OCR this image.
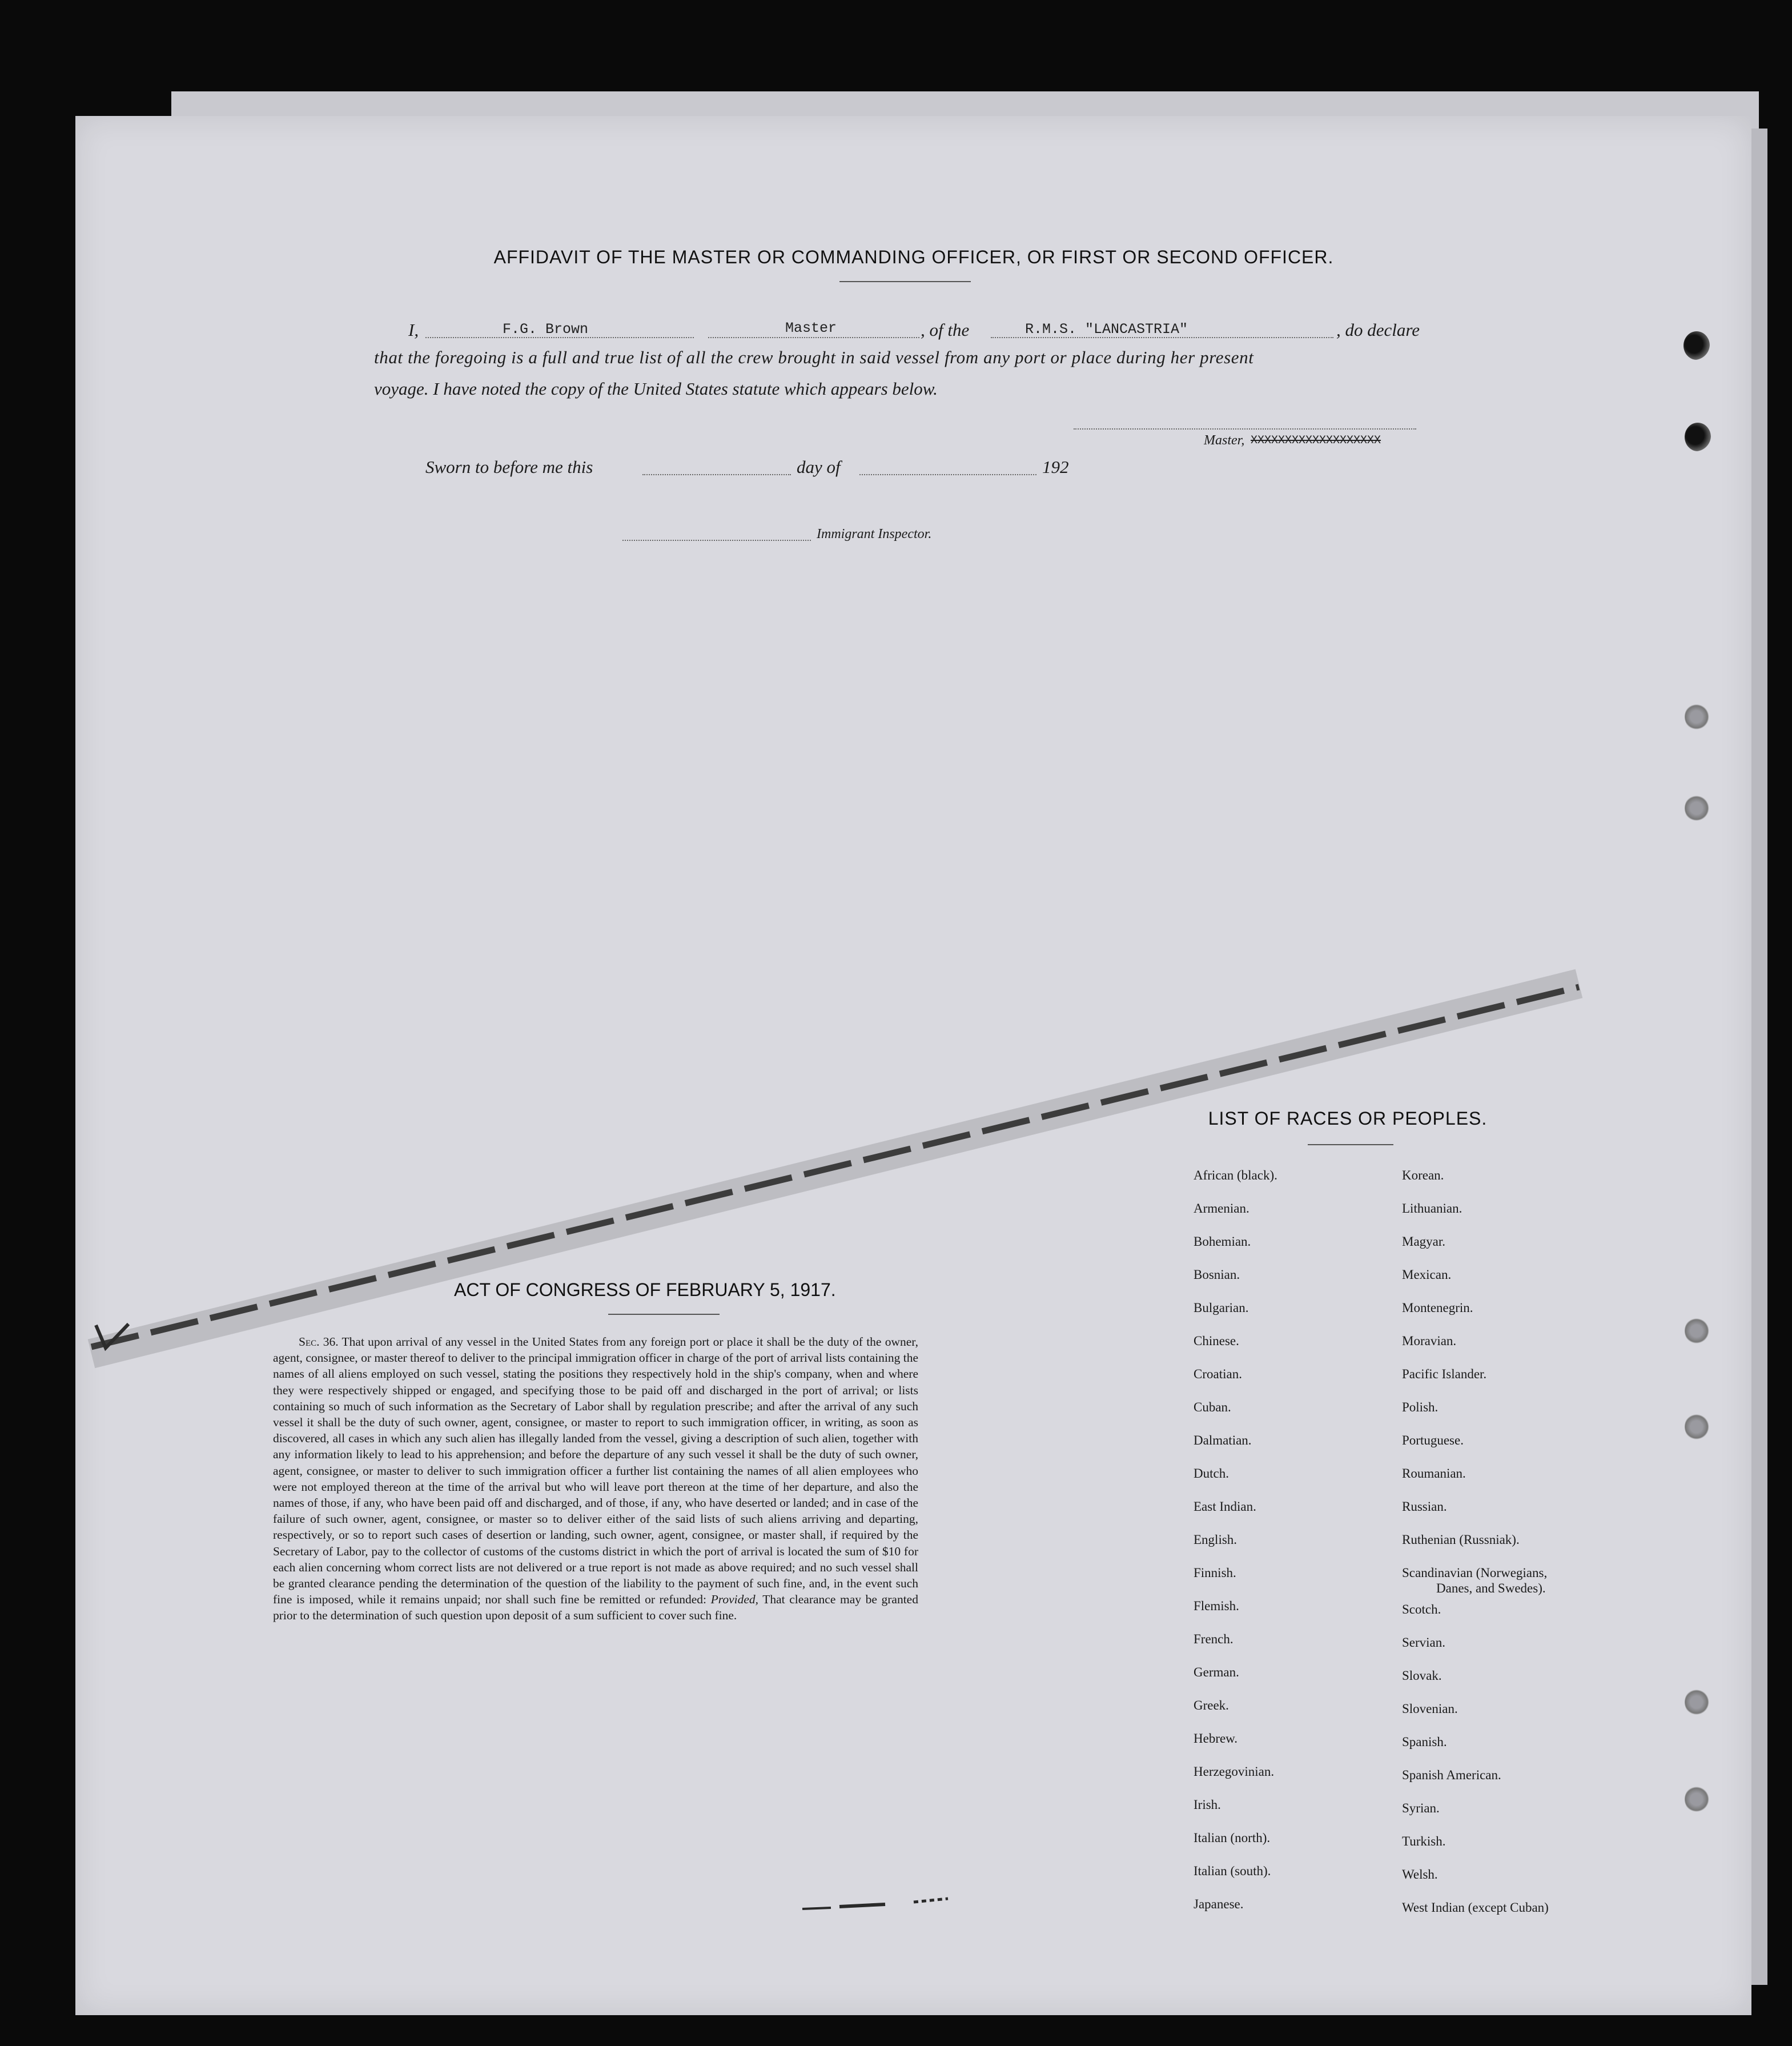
AFFIDAVIT OF THE MASTER OR COMMANDING OFFICER, OR FIRST OR SECOND OFFICER.
I,	F.G. Brown	Master	, of the	R.M.S. "LANCASTRIA"	, do declare
that the foregoing is a full and true list of all the crew brought in said vessel from any port or place during her present
voyage. I have noted the copy of the United States statute which appears below.
Master, XXXXXXXXXXXXXXXXXXX
Sworn to before me this	day of	192
Immigrant Inspector.
ACT OF CONGRESS OF FEBRUARY 5, 1917.
Sec. 36. That upon arrival of any vessel in the United States from any foreign port or place it shall be the duty of the owner, agent, consignee, or master thereof to deliver to the principal immigration officer in charge of the port of arrival lists containing the names of all aliens employed on such vessel, stating the positions they respectively hold in the ship's company, when and where they were respectively shipped or engaged, and specifying those to be paid off and discharged in the port of arrival; or lists containing so much of such information as the Secretary of Labor shall by regulation prescribe; and after the arrival of any such vessel it shall be the duty of such owner, agent, consignee, or master to report to such immigration officer, in writing, as soon as discovered, all cases in which any such alien has illegally landed from the vessel, giving a description of such alien, together with any information likely to lead to his apprehension; and before the departure of any such vessel it shall be the duty of such owner, agent, consignee, or master to deliver to such immigration officer a further list containing the names of all alien employees who were not employed thereon at the time of the arrival but who will leave port thereon at the time of her departure, and also the names of those, if any, who have been paid off and discharged, and of those, if any, who have deserted or landed; and in case of the failure of such owner, agent, consignee, or master so to deliver either of the said lists of such aliens arriving and departing, respectively, or so to report such cases of desertion or landing, such owner, agent, consignee, or master shall, if required by the Secretary of Labor, pay to the collector of customs of the customs district in which the port of arrival is located the sum of $10 for each alien concerning whom correct lists are not delivered or a true report is not made as above required; and no such vessel shall be granted clearance pending the determination of the question of the liability to the payment of such fine, and, in the event such fine is imposed, while it remains unpaid; nor shall such fine be remitted or refunded: Provided, That clearance may be granted prior to the determination of such question upon deposit of a sum sufficient to cover such fine.
LIST OF RACES OR PEOPLES.
African (black).
Armenian.
Bohemian.
Bosnian.
Bulgarian.
Chinese.
Croatian.
Cuban.
Dalmatian.
Dutch.
East Indian.
English.
Finnish.
Flemish.
French.
German.
Greek.
Hebrew.
Herzegovinian.
Irish.
Italian (north).
Italian (south).
Japanese.
Korean.
Lithuanian.
Magyar.
Mexican.
Montenegrin.
Moravian.
Pacific Islander.
Polish.
Portuguese.
Roumanian.
Russian.
Ruthenian (Russniak).
Scandinavian (Norwegians,
Danes, and Swedes).
Scotch.
Servian.
Slovak.
Slovenian.
Spanish.
Spanish American.
Syrian.
Turkish.
Welsh.
West Indian (except Cuban)
